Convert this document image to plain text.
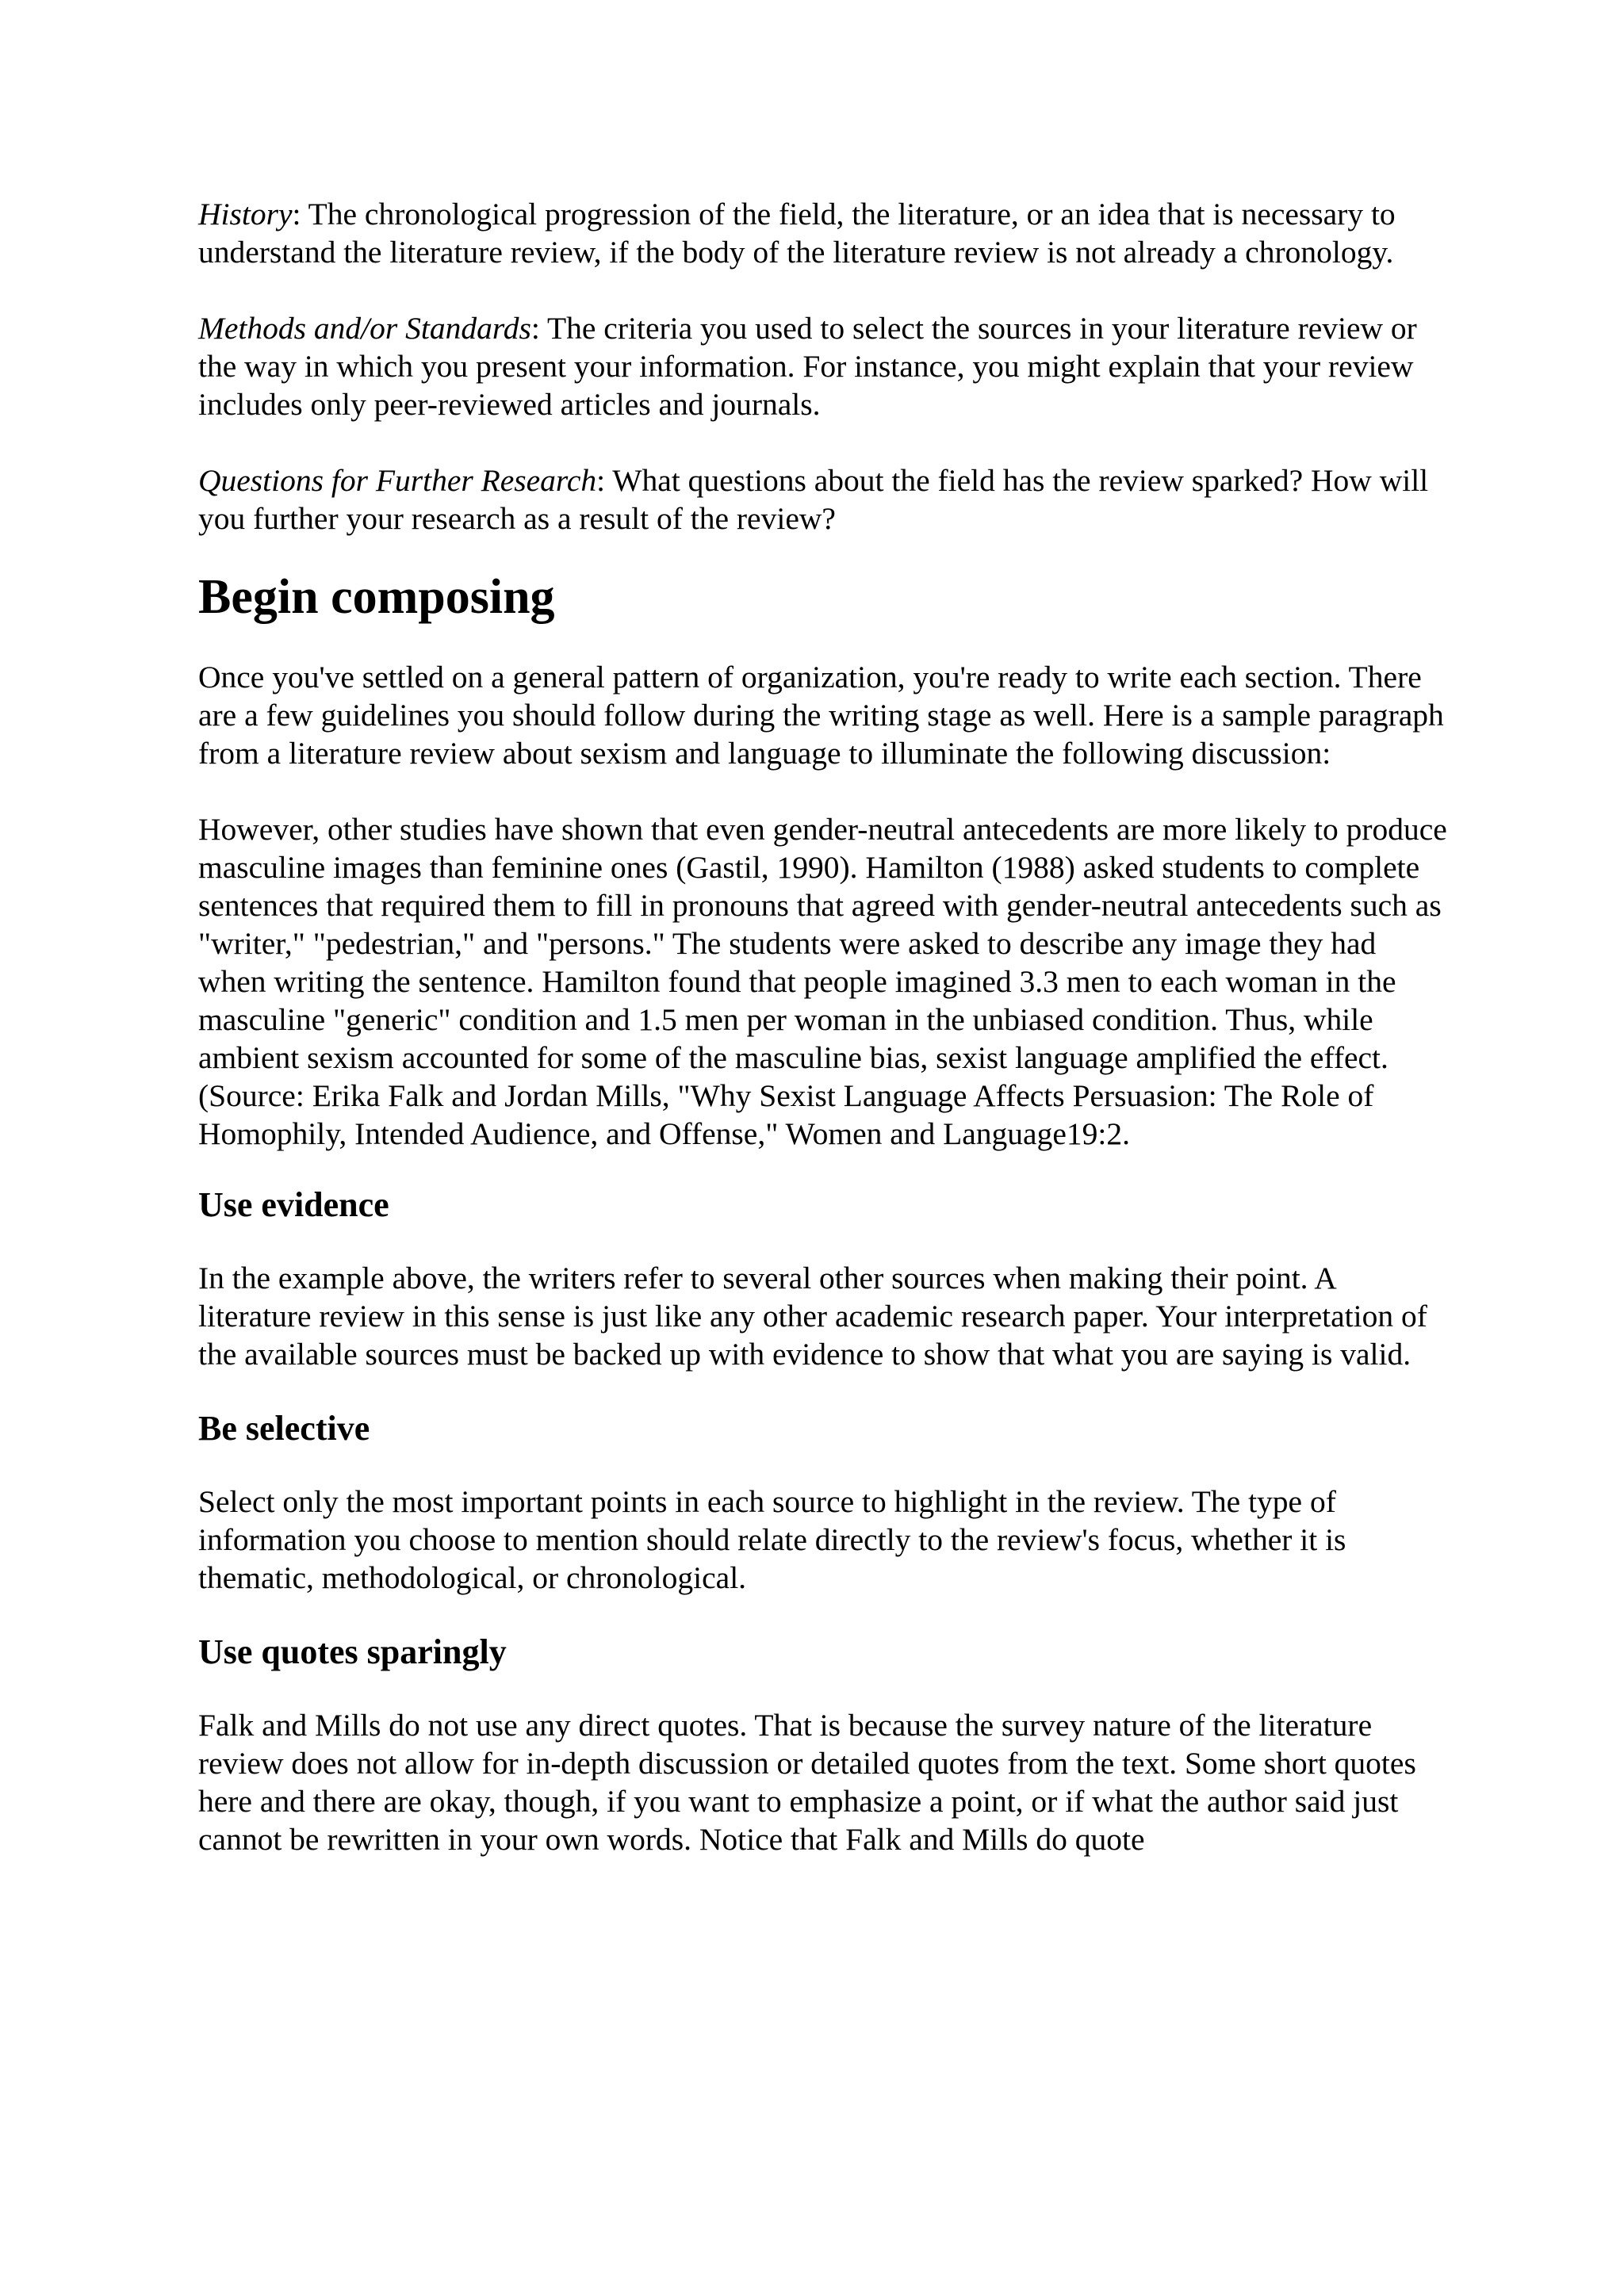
History: The chronological progression of the field, the literature, or an idea that is necessary to understand the literature review, if the body of the literature review is not already a chronology.

Methods and/or Standards: The criteria you used to select the sources in your literature review or the way in which you present your information. For instance, you might explain that your review includes only peer-reviewed articles and journals.

Questions for Further Research: What questions about the field has the review sparked? How will you further your research as a result of the review?

Begin composing

Once you've settled on a general pattern of organization, you're ready to write each section. There are a few guidelines you should follow during the writing stage as well. Here is a sample paragraph from a literature review about sexism and language to illuminate the following discussion:

However, other studies have shown that even gender-neutral antecedents are more likely to produce masculine images than feminine ones (Gastil, 1990). Hamilton (1988) asked students to complete sentences that required them to fill in pronouns that agreed with gender-neutral antecedents such as "writer," "pedestrian," and "persons." The students were asked to describe any image they had when writing the sentence. Hamilton found that people imagined 3.3 men to each woman in the masculine "generic" condition and 1.5 men per woman in the unbiased condition. Thus, while ambient sexism accounted for some of the masculine bias, sexist language amplified the effect. (Source: Erika Falk and Jordan Mills, "Why Sexist Language Affects Persuasion: The Role of Homophily, Intended Audience, and Offense," Women and Language19:2.

Use evidence

In the example above, the writers refer to several other sources when making their point. A literature review in this sense is just like any other academic research paper. Your interpretation of the available sources must be backed up with evidence to show that what you are saying is valid.

Be selective

Select only the most important points in each source to highlight in the review. The type of information you choose to mention should relate directly to the review's focus, whether it is thematic, methodological, or chronological.

Use quotes sparingly

Falk and Mills do not use any direct quotes. That is because the survey nature of the literature review does not allow for in-depth discussion or detailed quotes from the text. Some short quotes here and there are okay, though, if you want to emphasize a point, or if what the author said just cannot be rewritten in your own words. Notice that Falk and Mills do quote
